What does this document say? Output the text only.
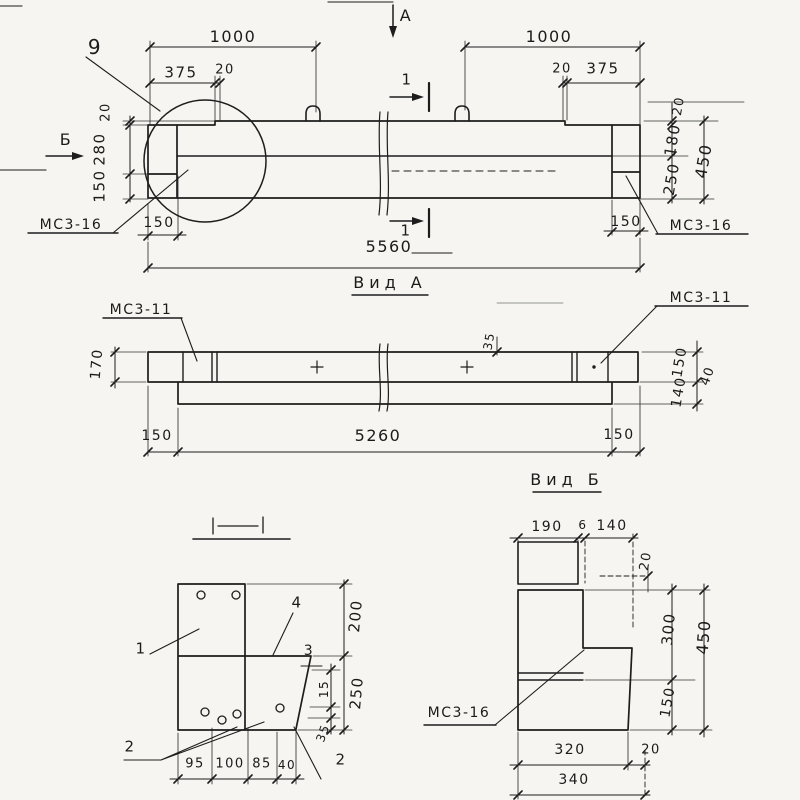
9	1000
375 20
А
1000
20 375
Б
20
280
150
20
180
250 450
МС3-16	150
1
1	150 МС3-16
5560
Вид А
МС3-11
170
35
МС3-11
150
140 40
150	5260	150
Вид Б
1
4
3
200
250
15
35
2
2
95 100 85 40
190 6 140
20
300
150
450
МС3-16
320	20
340
